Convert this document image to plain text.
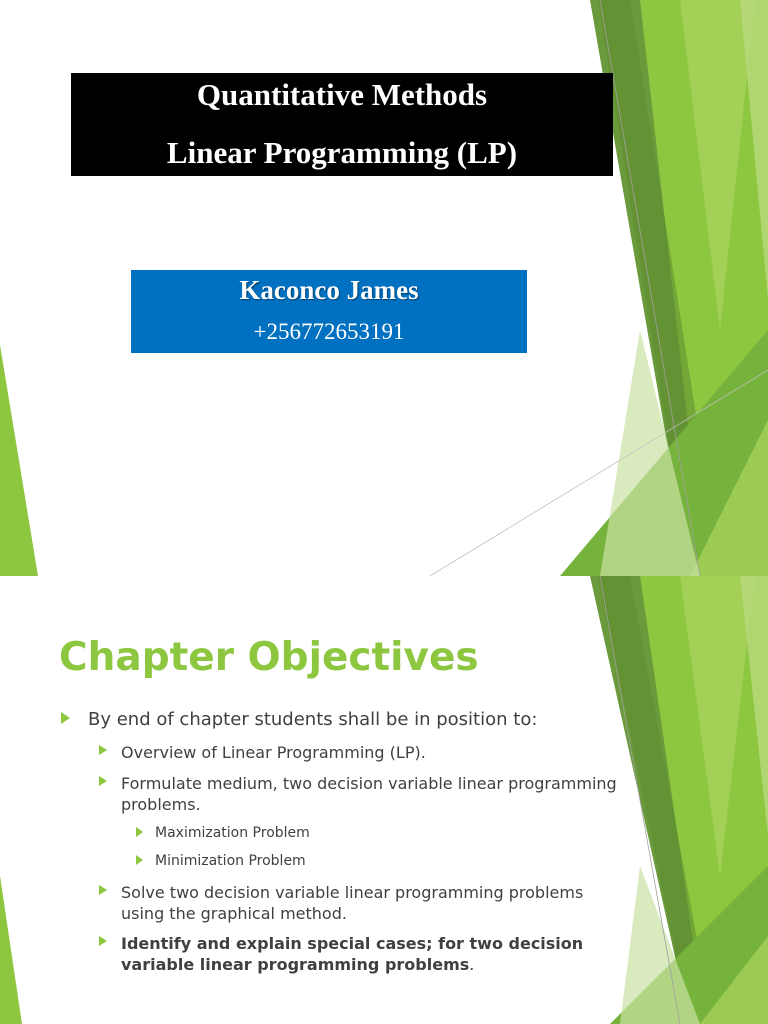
Quantitative Methods
Linear Programming (LP)
Kaconco James
+256772653191
Chapter Objectives
By end of chapter students shall be in position to:
Overview of Linear Programming (LP).
Formulate medium, two decision variable linear programming problems.
Maximization Problem
Minimization Problem
Solve two decision variable linear programming problems using the graphical method.
Identify and explain special cases; for two decision variable linear programming problems.
